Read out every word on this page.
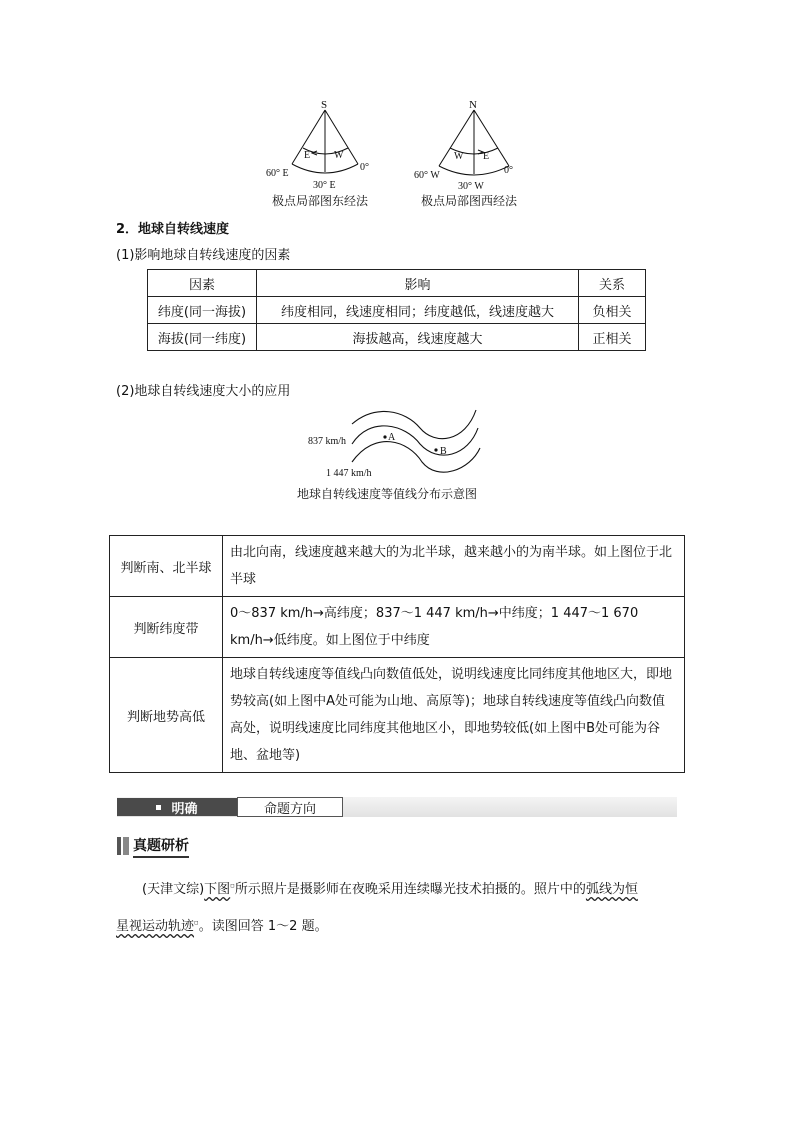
S
E W
60° E
0°
30° E
极点局部图东经法
N
W E
60° W	0°
30° W
极点局部图西经法
2．地球自转线速度
(1)影响地球自转线速度的因素
因素	影响	关系
纬度(同一海拔)	纬度相同，线速度相同；纬度越低，线速度越大	负相关
海拔(同一纬度)	海拔越高，线速度越大	正相关
(2)地球自转线速度大小的应用
837 km/h
1 447 km/h
A
B
地球自转线速度等值线分布示意图
判断南、北半球	由北向南，线速度越来越大的为北半球，越来越小的为南半球。如上图位于北半球
判断纬度带	0～837 km/h→高纬度；837～1 447 km/h→中纬度；1 447～1 670 km/h→低纬度。如上图位于中纬度
判断地势高低	地球自转线速度等值线凸向数值低处，说明线速度比同纬度其他地区大，即地势较高(如上图中A处可能为山地、高原等)；地球自转线速度等值线凸向数值高处，说明线速度比同纬度其他地区小，即地势较低(如上图中B处可能为谷地、盆地等)
明确	命题方向
真题研析
(天津文综)下图▫所示照片是摄影师在夜晚采用连续曝光技术拍摄的。照片中的弧线为恒
星视运动轨迹▫。读图回答 1～2 题。
